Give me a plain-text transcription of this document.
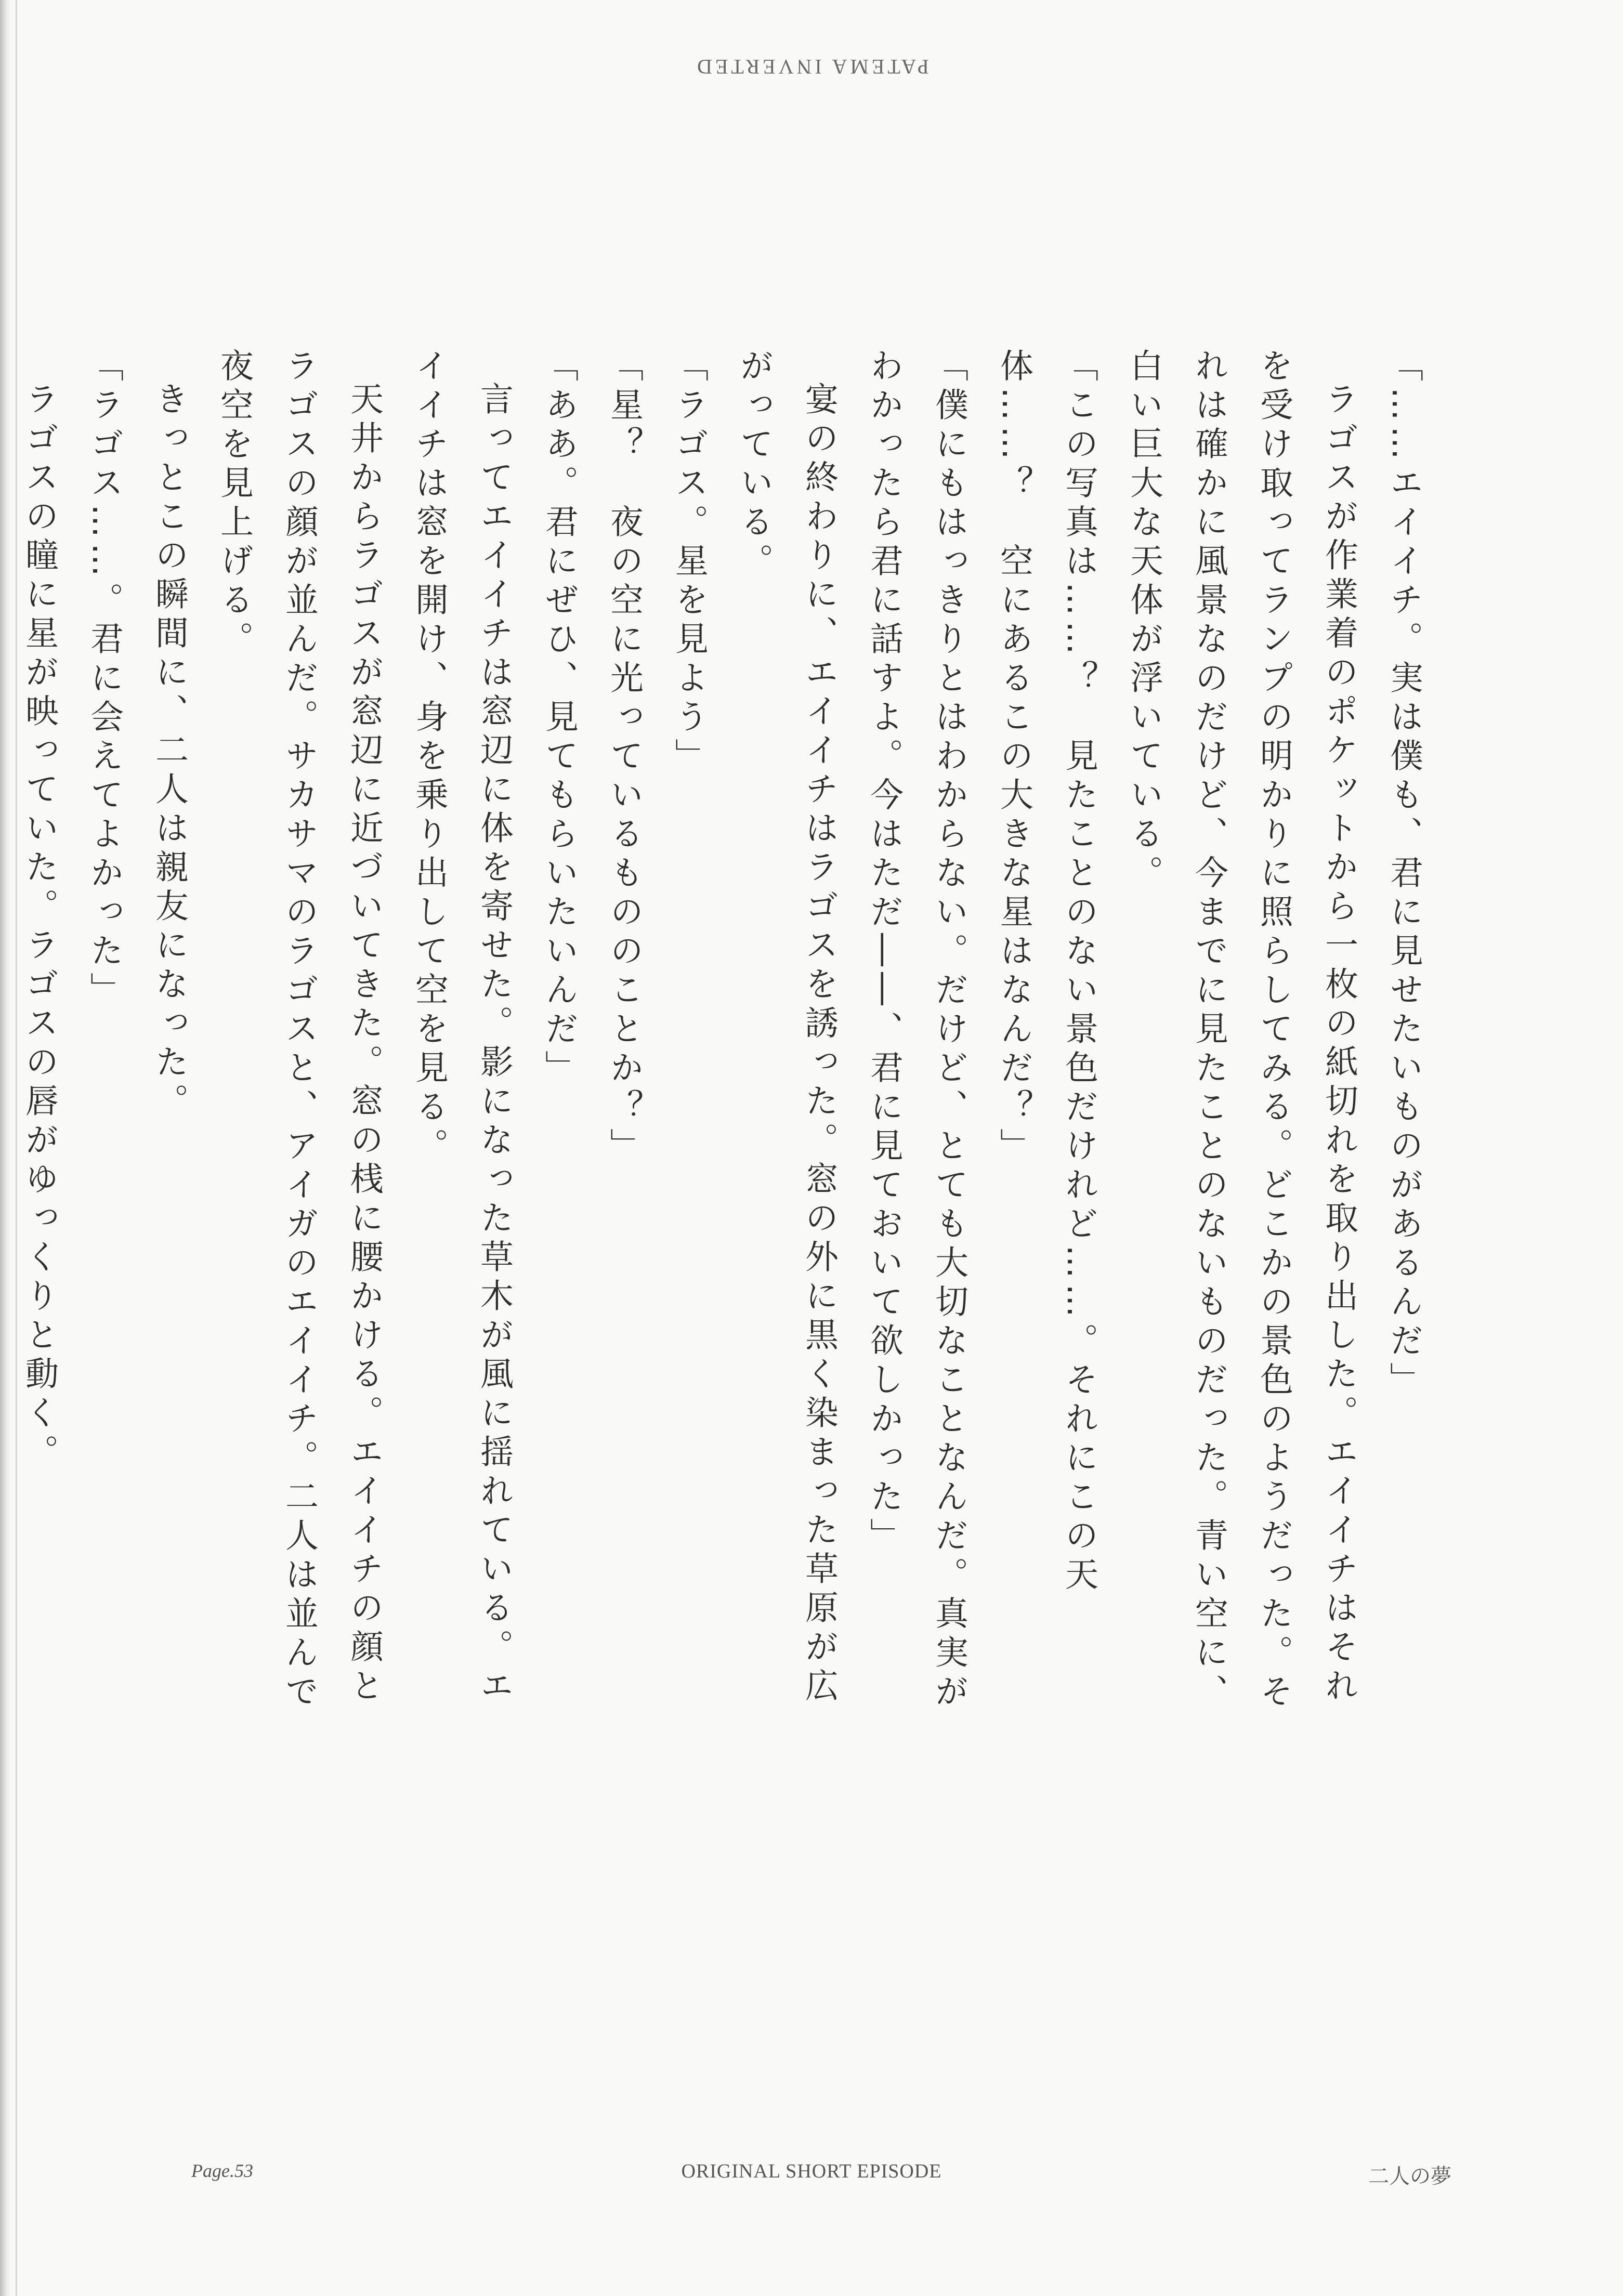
PATEMA INVERTED

「……エイイチ。実は僕も、君に見せたいものがあるんだ」

ラゴスが作業着のポケットから一枚の紙切れを取り出した。エイイチはそれを受け取ってランプの明かりに照らしてみる。どこかの景色のようだった。それは確かに風景なのだけど、今までに見たことのないものだった。青い空に、白い巨大な天体が浮いている。

「この写真は……？　見たことのない景色だけれど……。それにこの天体……？　空にあるこの大きな星はなんだ？」

「僕にもはっきりとはわからない。だけど、とても大切なことなんだ。真実がわかったら君に話すよ。今はただ――、君に見ておいて欲しかった」

宴の終わりに、エイイチはラゴスを誘った。窓の外に黒く染まった草原が広がっている。

「ラゴス。星を見よう」

「星？　夜の空に光っているもののことか？」

「ああ。君にぜひ、見てもらいたいんだ」

言ってエイイチは窓辺に体を寄せた。影になった草木が風に揺れている。エイイチは窓を開け、身を乗り出して空を見る。

天井からラゴスが窓辺に近づいてきた。窓の桟に腰かける。エイイチの顔とラゴスの顔が並んだ。サカサマのラゴスと、アイガのエイイチ。二人は並んで夜空を見上げる。

きっとこの瞬間に、二人は親友になった。

「ラゴス……。君に会えてよかった」

ラゴスの瞳に星が映っていた。ラゴスの唇がゆっくりと動く。

Page.53	ORIGINAL SHORT EPISODE	二人の夢
